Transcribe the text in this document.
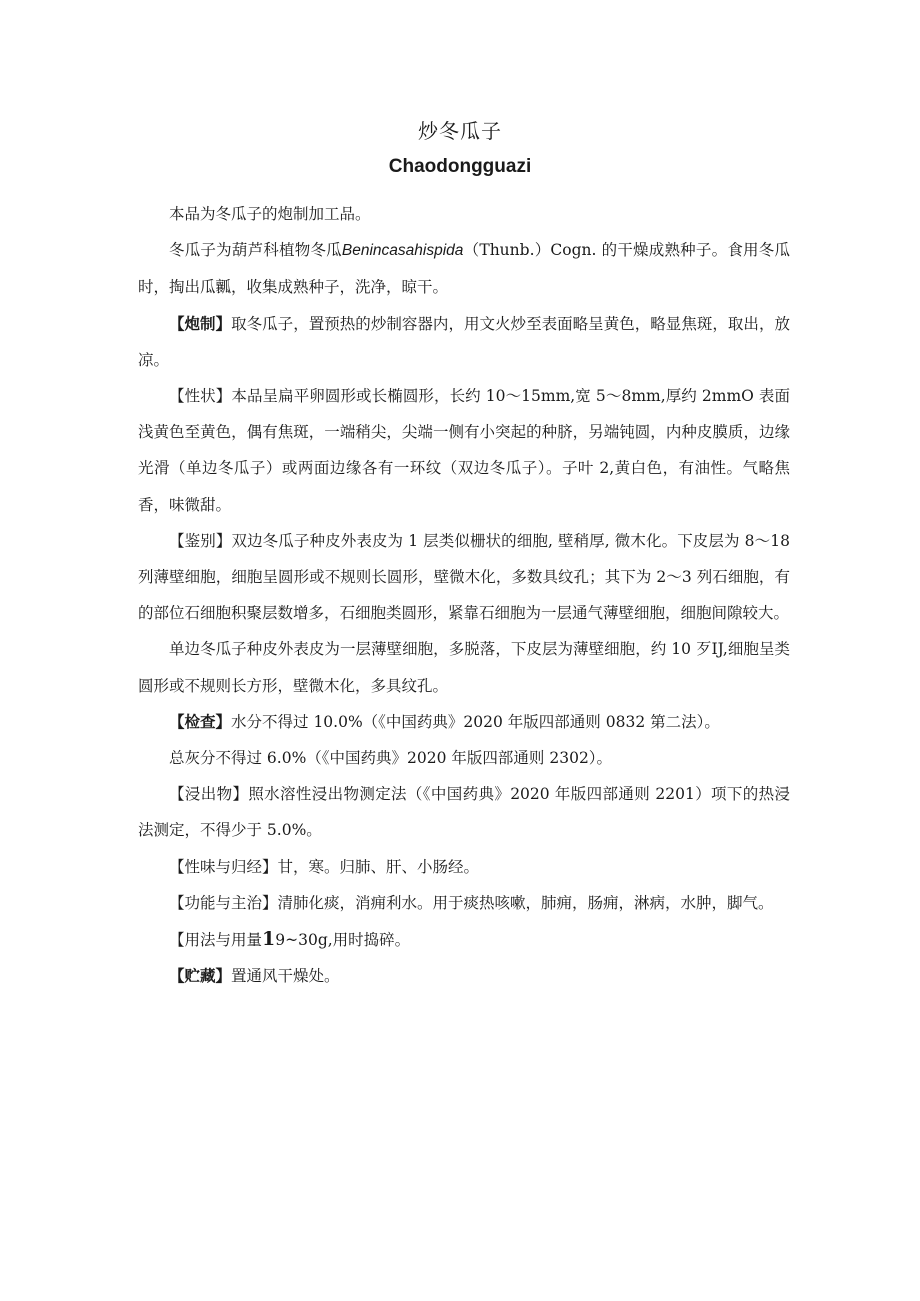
炒冬瓜子
Chaodongguazi

本品为冬瓜子的炮制加工品。

冬瓜子为葫芦科植物冬瓜Benincasahispida（Thunb.）Cogn. 的干燥成熟种子。食用冬瓜时，掏出瓜瓤，收集成熟种子，洗净，晾干。

【炮制】取冬瓜子，置预热的炒制容器内，用文火炒至表面略呈黄色，略显焦斑，取出，放凉。

【性状】本品呈扁平卵圆形或长椭圆形，长约 10～15mm,宽 5～8mm,厚约 2mmO 表面浅黄色至黄色，偶有焦斑，一端稍尖，尖端一侧有小突起的种脐，另端钝圆，内种皮膜质，边缘光滑（单边冬瓜子）或两面边缘各有一环纹（双边冬瓜子）。子叶 2,黄白色，有油性。气略焦香，味微甜。

【鉴别】双边冬瓜子种皮外表皮为 1 层类似栅状的细胞, 壁稍厚, 微木化。下皮层为 8～18 列薄壁细胞，细胞呈圆形或不规则长圆形，壁微木化，多数具纹孔；其下为 2～3 列石细胞，有的部位石细胞积聚层数增多，石细胞类圆形，紧靠石细胞为一层通气薄壁细胞，细胞间隙较大。

单边冬瓜子种皮外表皮为一层薄壁细胞，多脱落，下皮层为薄壁细胞，约 10 歹IJ,细胞呈类圆形或不规则长方形，壁微木化，多具纹孔。

【检查】水分不得过 10.0%（《中国药典》2020 年版四部通则 0832 第二法）。

总灰分不得过 6.0%（《中国药典》2020 年版四部通则 2302）。

【浸出物】照水溶性浸出物测定法（《中国药典》2020 年版四部通则 2201）项下的热浸法测定，不得少于 5.0%。

【性味与归经】甘，寒。归肺、肝、小肠经。

【功能与主治】清肺化痰，消痈利水。用于痰热咳嗽，肺痈，肠痈，淋病，水肿，脚气。

【用法与用量19~30g,用时捣碎。

【贮藏】置通风干燥处。
